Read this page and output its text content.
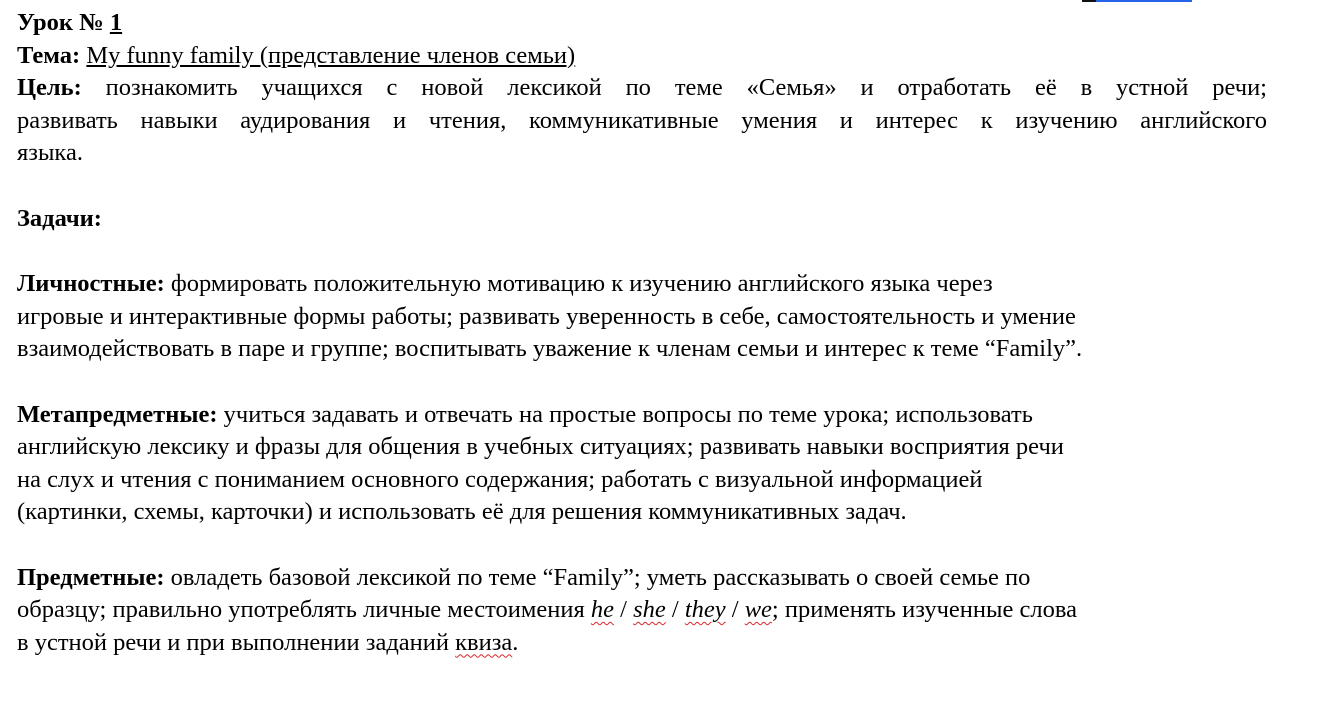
Урок № 1
Тема: My funny family (представление членов семьи)
Цель: познакомить учащихся с новой лексикой по теме «Семья» и отработать её в устной речи;
развивать навыки аудирования и чтения, коммуникативные умения и интерес к изучению английского
языка.
Задачи:
Личностные: формировать положительную мотивацию к изучению английского языка через
игровые и интерактивные формы работы; развивать уверенность в себе, самостоятельность и умение
взаимодействовать в паре и группе; воспитывать уважение к членам семьи и интерес к теме “Family”.
Метапредметные: учиться задавать и отвечать на простые вопросы по теме урока; использовать
английскую лексику и фразы для общения в учебных ситуациях; развивать навыки восприятия речи
на слух и чтения с пониманием основного содержания; работать с визуальной информацией
(картинки, схемы, карточки) и использовать её для решения коммуникативных задач.
Предметные: овладеть базовой лексикой по теме “Family”; уметь рассказывать о своей семье по
образцу; правильно употреблять личные местоимения he / she / they / we; применять изученные слова
в устной речи и при выполнении заданий квиза.
